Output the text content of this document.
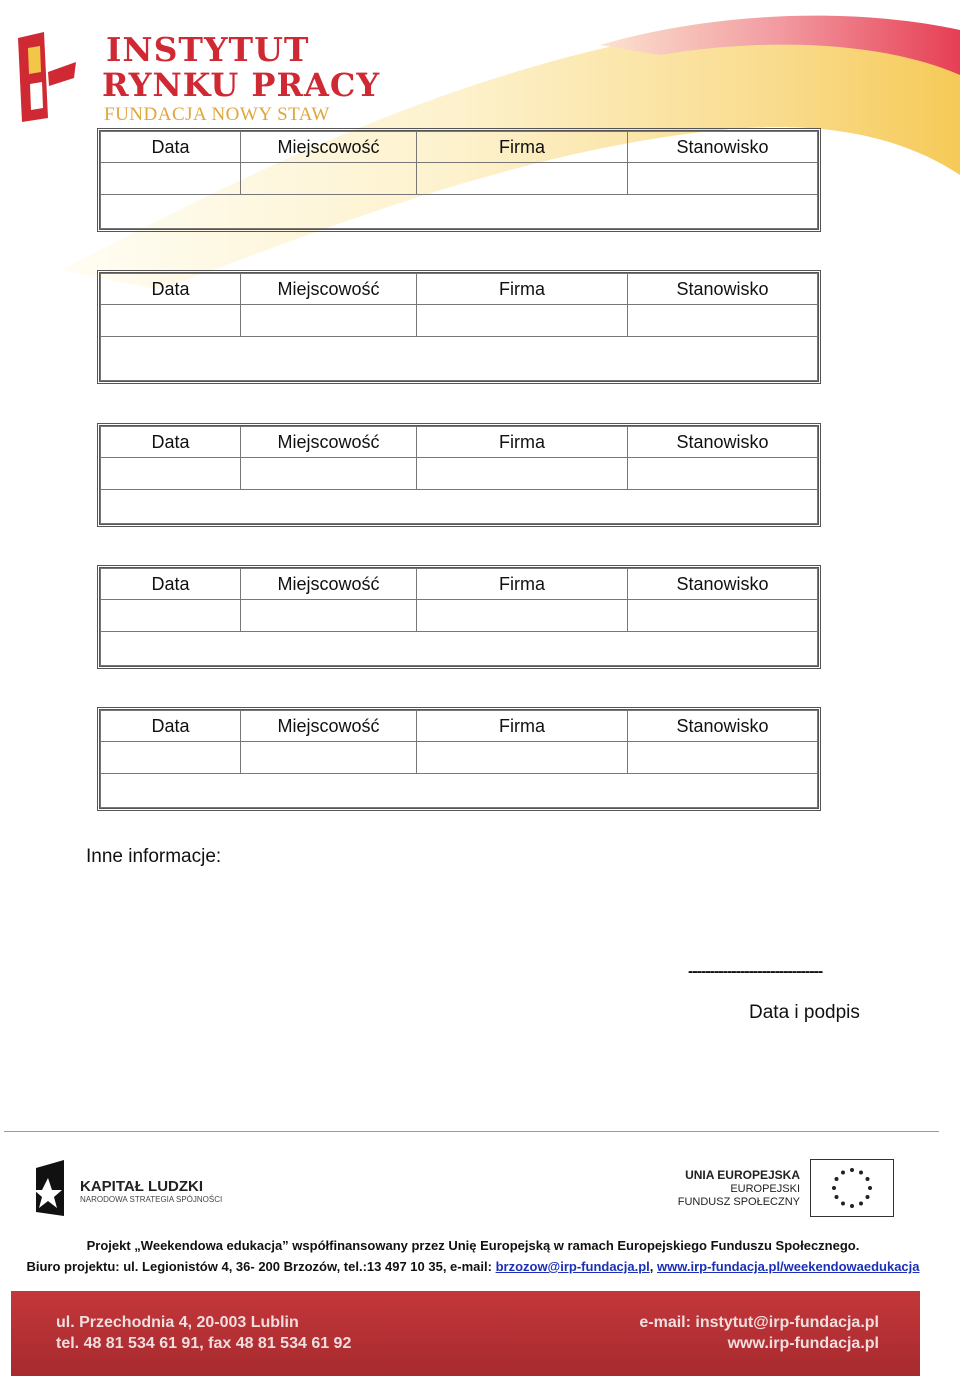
INSTYTUT
RYNKU PRACY
FUNDACJA NOWY STAW
Data	Miejscowość	Firma	Stanowisko

Data	Miejscowość	Firma	Stanowisko

Data	Miejscowość	Firma	Stanowisko

Data	Miejscowość	Firma	Stanowisko

Data	Miejscowość	Firma	Stanowisko

Inne informacje:
-------------------------------
Data i podpis
KAPITAŁ LUDZKI
NARODOWA STRATEGIA SPÓJNOŚCI
UNIA EUROPEJSKA
EUROPEJSKI
FUNDUSZ SPOŁECZNY
Projekt „Weekendowa edukacja” współfinansowany przez Unię Europejską w ramach Europejskiego Funduszu Społecznego.
Biuro projektu: ul. Legionistów 4, 36- 200 Brzozów, tel.:13 497 10 35, e-mail: brzozow@irp-fundacja.pl, www.irp-fundacja.pl/weekendowaedukacja
ul. Przechodnia 4, 20-003 Lublin
tel. 48 81 534 61 91, fax 48 81 534 61 92
e-mail: instytut@irp-fundacja.pl
www.irp-fundacja.pl
